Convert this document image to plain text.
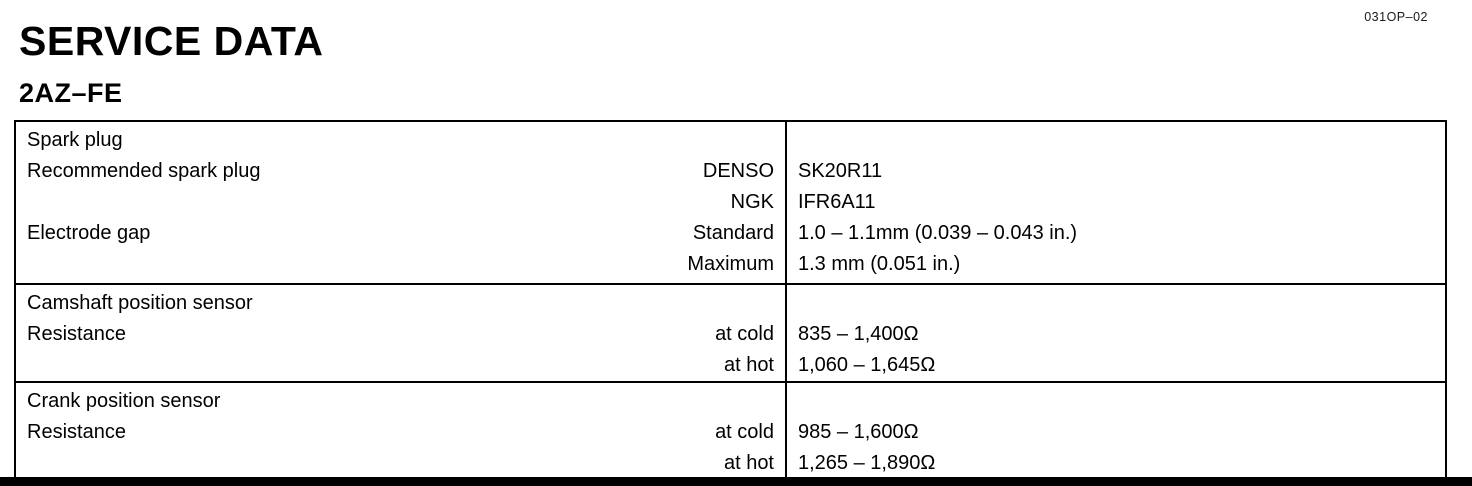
031OP–02
SERVICE DATA
2AZ–FE
Spark plug
Recommended spark plug	DENSO	SK20R11
NGK	IFR6A11
Electrode gap	Standard	1.0 – 1.1mm (0.039 – 0.043 in.)
Maximum	1.3 mm (0.051 in.)
Camshaft position sensor
Resistance	at cold	835 – 1,400Ω
at hot	1,060 – 1,645Ω
Crank position sensor
Resistance	at cold	985 – 1,600Ω
at hot	1,265 – 1,890Ω
